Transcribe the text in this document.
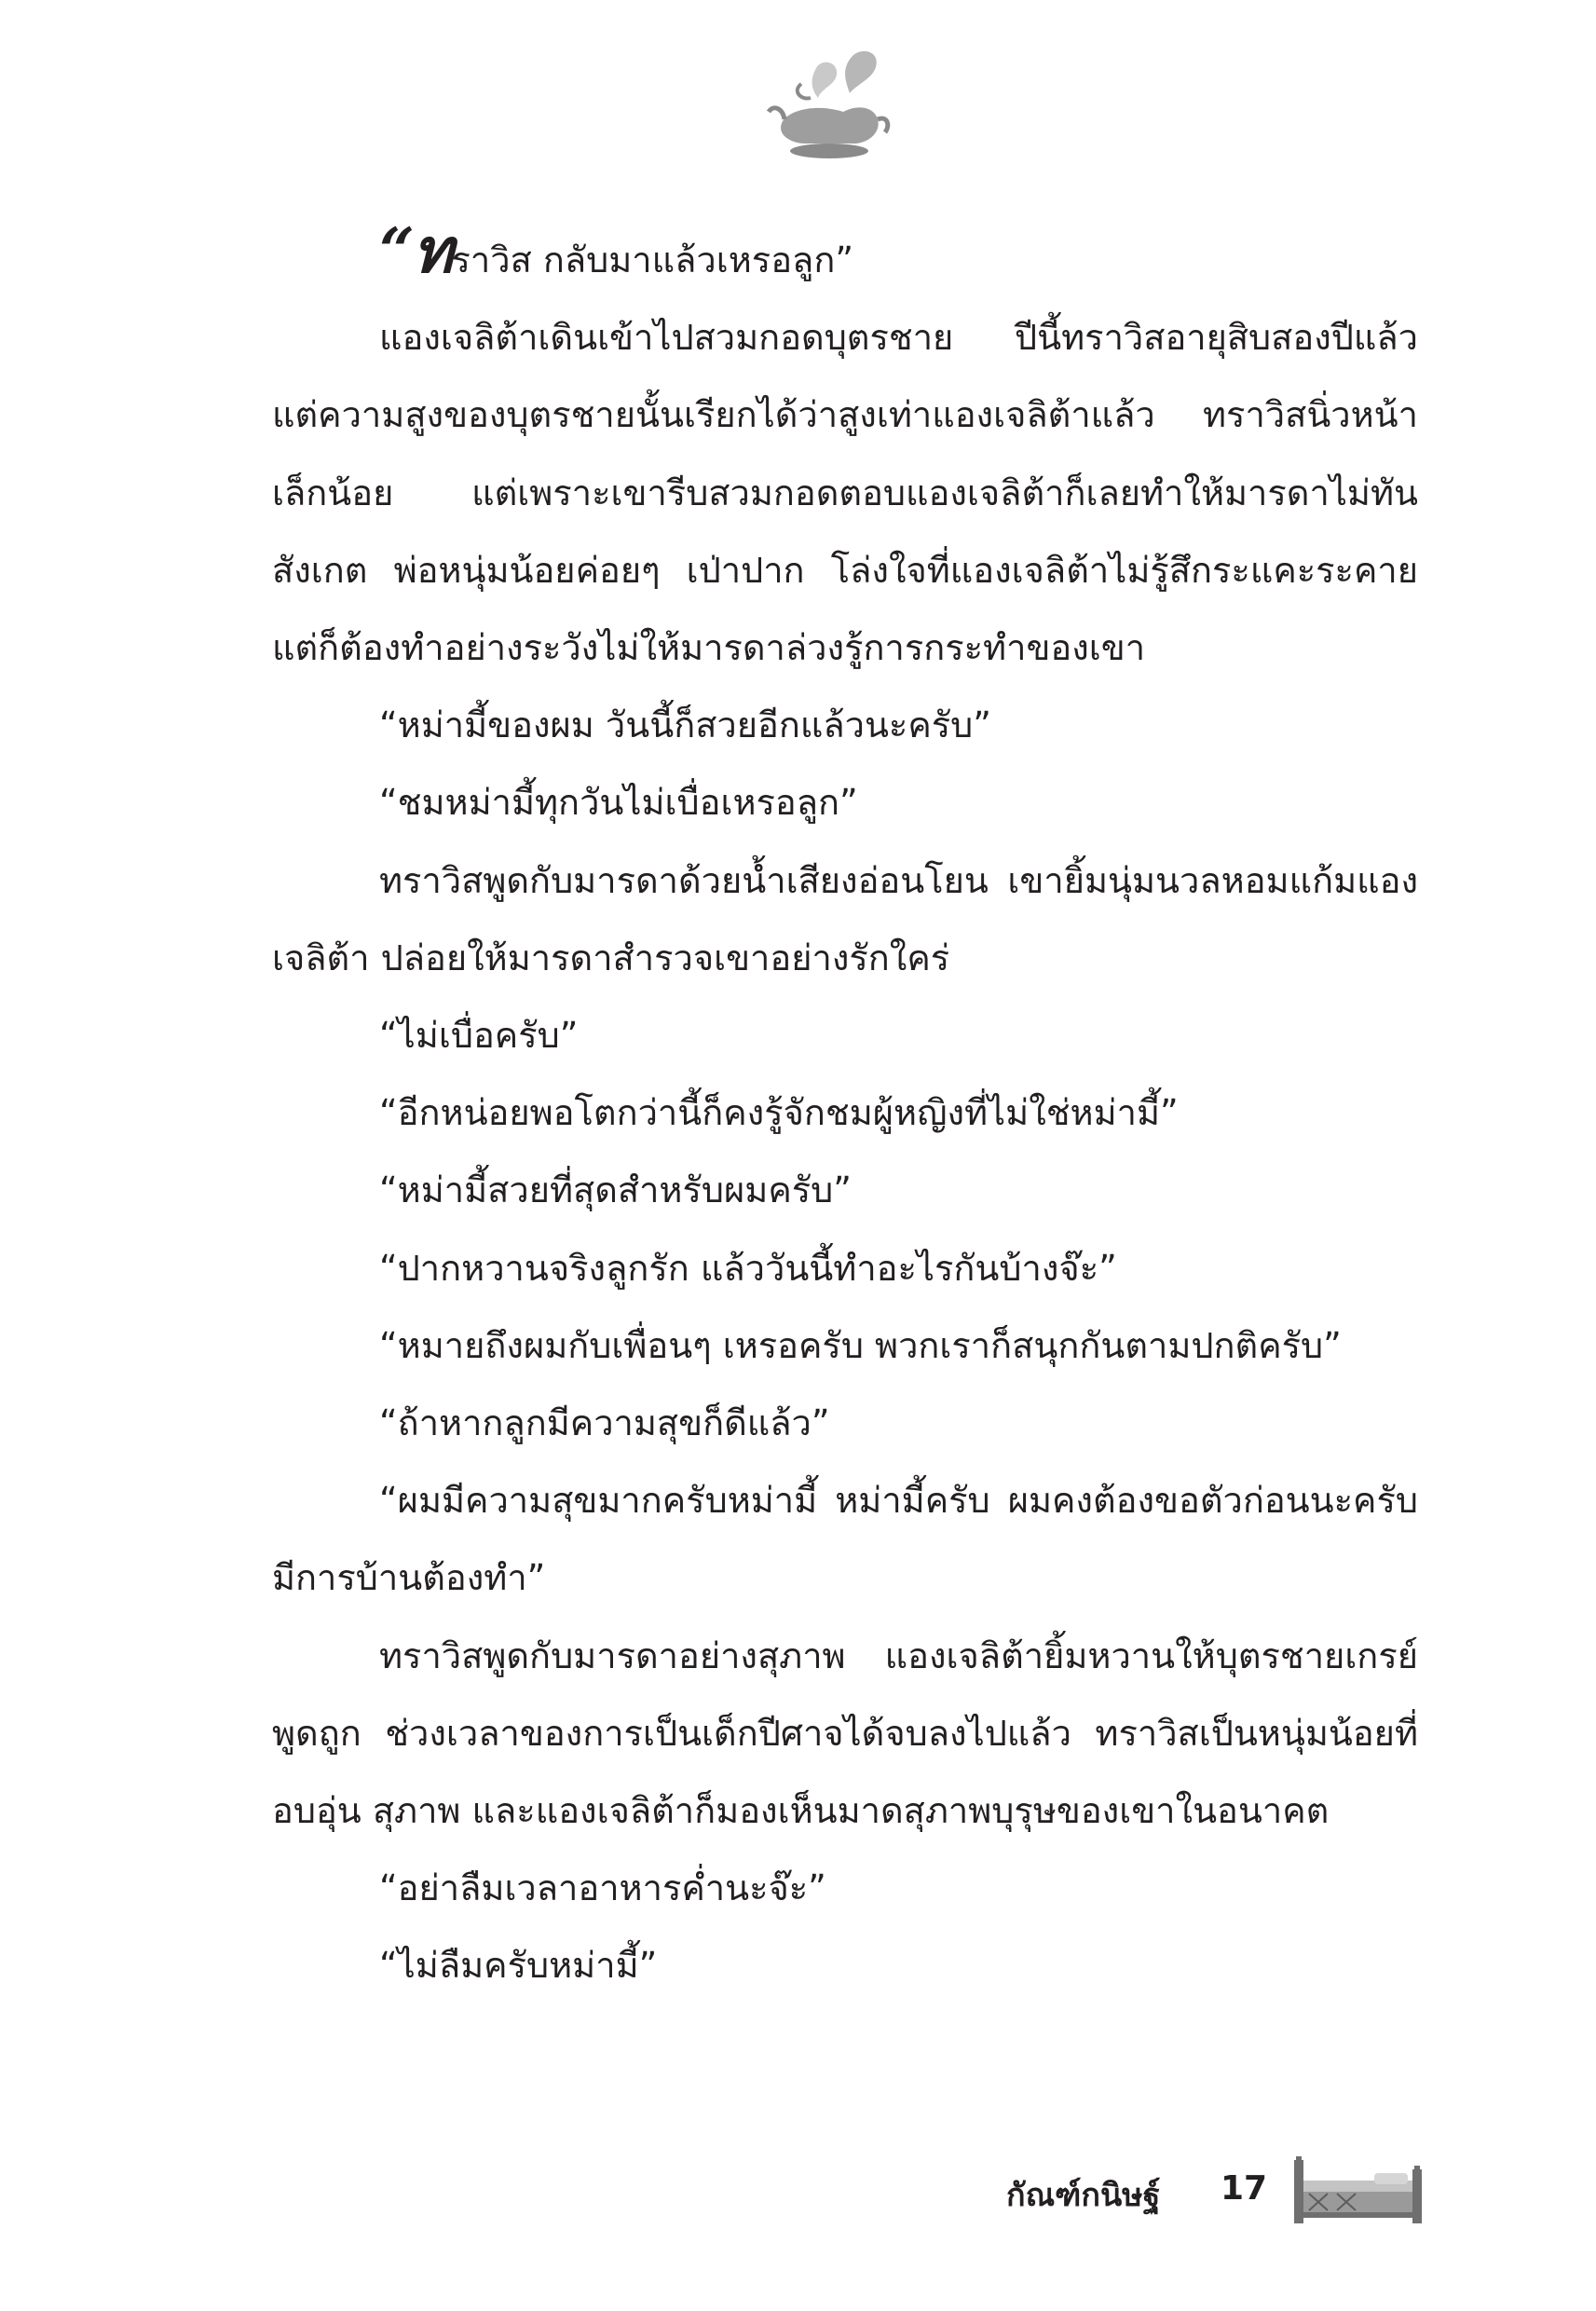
“ทราวิส กลับมาแล้วเหรอลูก”

แองเจลิต้าเดินเข้าไปสวมกอดบุตรชาย ปีนี้ทราวิสอายุสิบสองปีแล้ว แต่ความสูงของบุตรชายนั้นเรียกได้ว่าสูงเท่าแองเจลิต้าแล้ว ทราวิสนิ่วหน้าเล็กน้อย แต่เพราะเขารีบสวมกอดตอบแองเจลิต้าก็เลยทำให้มารดาไม่ทันสังเกต พ่อหนุ่มน้อยค่อยๆ เป่าปาก โล่งใจที่แองเจลิต้าไม่รู้สึกระแคะระคาย แต่ก็ต้องทำอย่างระวังไม่ให้มารดาล่วงรู้การกระทำของเขา

“หม่ามี้ของผม วันนี้ก็สวยอีกแล้วนะครับ”

“ชมหม่ามี้ทุกวันไม่เบื่อเหรอลูก”

ทราวิสพูดกับมารดาด้วยน้ำเสียงอ่อนโยน เขายิ้มนุ่มนวลหอมแก้มแองเจลิต้า ปล่อยให้มารดาสำรวจเขาอย่างรักใคร่

“ไม่เบื่อครับ”

“อีกหน่อยพอโตกว่านี้ก็คงรู้จักชมผู้หญิงที่ไม่ใช่หม่ามี้”

“หม่ามี้สวยที่สุดสำหรับผมครับ”

“ปากหวานจริงลูกรัก แล้ววันนี้ทำอะไรกันบ้างจ๊ะ”

“หมายถึงผมกับเพื่อนๆ เหรอครับ พวกเราก็สนุกกันตามปกติครับ”

“ถ้าหากลูกมีความสุขก็ดีแล้ว”

“ผมมีความสุขมากครับหม่ามี้ หม่ามี้ครับ ผมคงต้องขอตัวก่อนนะครับ มีการบ้านต้องทำ”

ทราวิสพูดกับมารดาอย่างสุภาพ แองเจลิต้ายิ้มหวานให้บุตรชายเกรย์พูดถูก ช่วงเวลาของการเป็นเด็กปีศาจได้จบลงไปแล้ว ทราวิสเป็นหนุ่มน้อยที่อบอุ่น สุภาพ และแองเจลิต้าก็มองเห็นมาดสุภาพบุรุษของเขาในอนาคต

“อย่าลืมเวลาอาหารค่ำนะจ๊ะ”

“ไม่ลืมครับหม่ามี้”

กัณฑ์กนิษฐ์ 17
